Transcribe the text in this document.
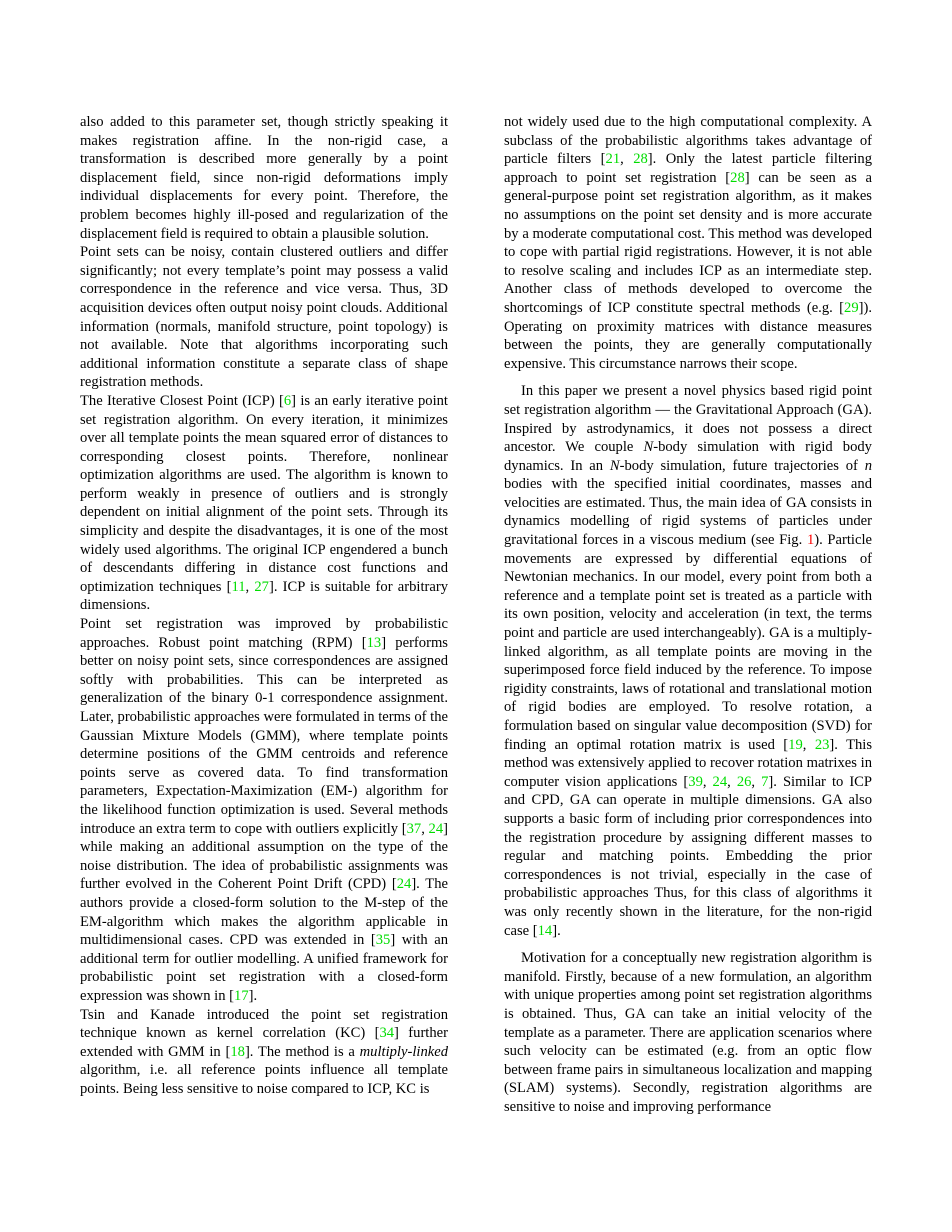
also added to this parameter set, though strictly speaking it makes registration affine. In the non-rigid case, a transformation is described more generally by a point displacement field, since non-rigid deformations imply individual displacements for every point. Therefore, the problem becomes highly ill-posed and regularization of the displacement field is required to obtain a plausible solution.

Point sets can be noisy, contain clustered outliers and differ significantly; not every template’s point may possess a valid correspondence in the reference and vice versa. Thus, 3D acquisition devices often output noisy point clouds. Additional information (normals, manifold structure, point topology) is not available. Note that algorithms incorporating such additional information constitute a separate class of shape registration methods.

The Iterative Closest Point (ICP) [6] is an early iterative point set registration algorithm. On every iteration, it minimizes over all template points the mean squared error of distances to corresponding closest points. Therefore, nonlinear optimization algorithms are used. The algorithm is known to perform weakly in presence of outliers and is strongly dependent on initial alignment of the point sets. Through its simplicity and despite the disadvantages, it is one of the most widely used algorithms. The original ICP engendered a bunch of descendants differing in distance cost functions and optimization techniques [11, 27]. ICP is suitable for arbitrary dimensions.

Point set registration was improved by probabilistic approaches. Robust point matching (RPM) [13] performs better on noisy point sets, since correspondences are assigned softly with probabilities. This can be interpreted as generalization of the binary 0-1 correspondence assignment. Later, probabilistic approaches were formulated in terms of the Gaussian Mixture Models (GMM), where template points determine positions of the GMM centroids and reference points serve as covered data. To find transformation parameters, Expectation-Maximization (EM-) algorithm for the likelihood function optimization is used. Several methods introduce an extra term to cope with outliers explicitly [37, 24] while making an additional assumption on the type of the noise distribution. The idea of probabilistic assignments was further evolved in the Coherent Point Drift (CPD) [24]. The authors provide a closed-form solution to the M-step of the EM-algorithm which makes the algorithm applicable in multidimensional cases. CPD was extended in [35] with an additional term for outlier modelling. A unified framework for probabilistic point set registration with a closed-form expression was shown in [17].

Tsin and Kanade introduced the point set registration technique known as kernel correlation (KC) [34] further extended with GMM in [18]. The method is a multiply-linked algorithm, i.e. all reference points influence all template points. Being less sensitive to noise compared to ICP, KC is

not widely used due to the high computational complexity. A subclass of the probabilistic algorithms takes advantage of particle filters [21, 28]. Only the latest particle filtering approach to point set registration [28] can be seen as a general-purpose point set registration algorithm, as it makes no assumptions on the point set density and is more accurate by a moderate computational cost. This method was developed to cope with partial rigid registrations. However, it is not able to resolve scaling and includes ICP as an intermediate step. Another class of methods developed to overcome the shortcomings of ICP constitute spectral methods (e.g. [29]). Operating on proximity matrices with distance measures between the points, they are generally computationally expensive. This circumstance narrows their scope.

In this paper we present a novel physics based rigid point set registration algorithm — the Gravitational Approach (GA). Inspired by astrodynamics, it does not possess a direct ancestor. We couple N-body simulation with rigid body dynamics. In an N-body simulation, future trajectories of n bodies with the specified initial coordinates, masses and velocities are estimated. Thus, the main idea of GA consists in dynamics modelling of rigid systems of particles under gravitational forces in a viscous medium (see Fig. 1). Particle movements are expressed by differential equations of Newtonian mechanics. In our model, every point from both a reference and a template point set is treated as a particle with its own position, velocity and acceleration (in text, the terms point and particle are used interchangeably). GA is a multiply-linked algorithm, as all template points are moving in the superimposed force field induced by the reference. To impose rigidity constraints, laws of rotational and translational motion of rigid bodies are employed. To resolve rotation, a formulation based on singular value decomposition (SVD) for finding an optimal rotation matrix is used [19, 23]. This method was extensively applied to recover rotation matrixes in computer vision applications [39, 24, 26, 7]. Similar to ICP and CPD, GA can operate in multiple dimensions. GA also supports a basic form of including prior correspondences into the registration procedure by assigning different masses to regular and matching points. Embedding the prior correspondences is not trivial, especially in the case of probabilistic approaches Thus, for this class of algorithms it was only recently shown in the literature, for the non-rigid case [14].

Motivation for a conceptually new registration algorithm is manifold. Firstly, because of a new formulation, an algorithm with unique properties among point set registration algorithms is obtained. Thus, GA can take an initial velocity of the template as a parameter. There are application scenarios where such velocity can be estimated (e.g. from an optic flow between frame pairs in simultaneous localization and mapping (SLAM) systems). Secondly, registration algorithms are sensitive to noise and improving performance
